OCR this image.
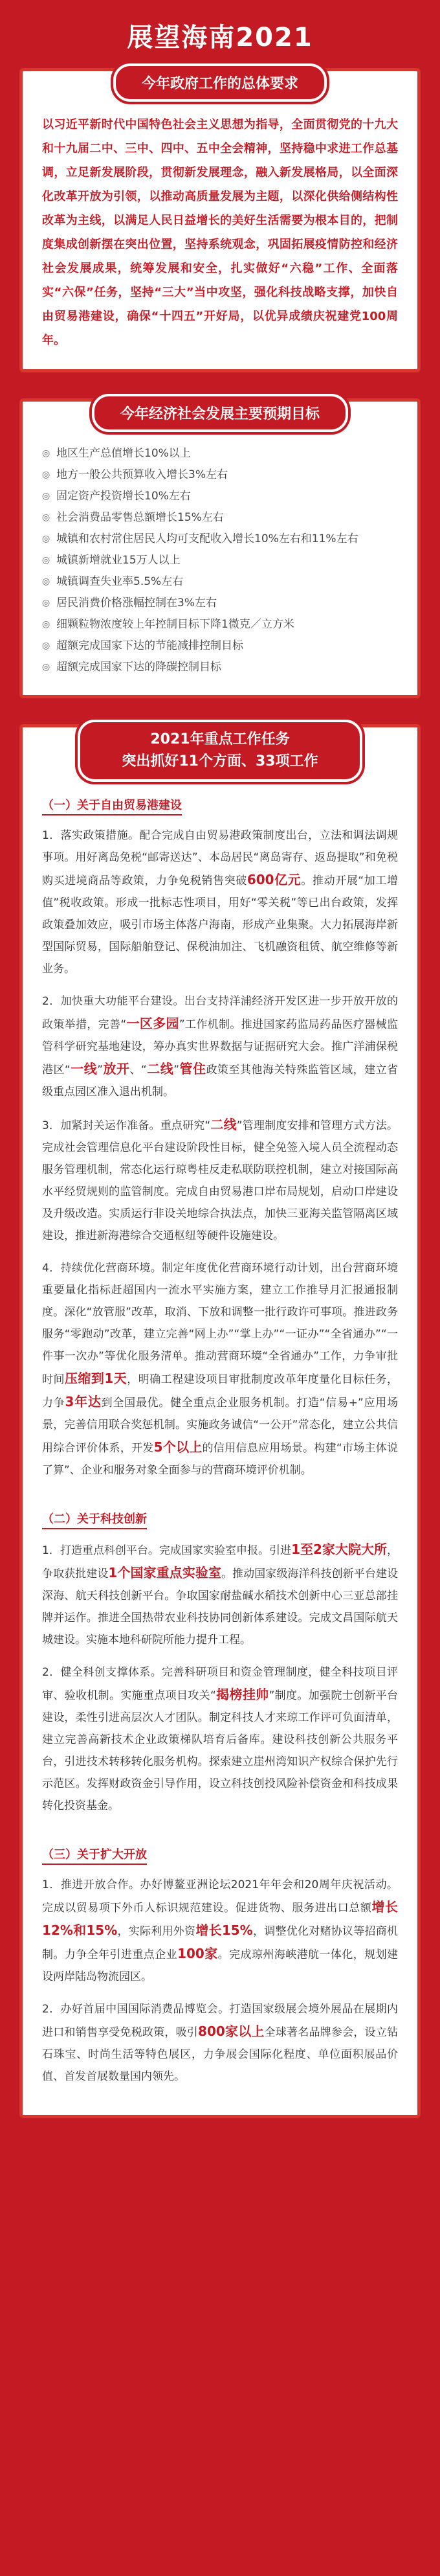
展望海南2021
今年政府工作的总体要求

以习近平新时代中国特色社会主义思想为指导，全面贯彻党的十九大和十九届二中、三中、四中、五中全会精神，坚持稳中求进工作总基调，立足新发展阶段，贯彻新发展理念，融入新发展格局，以全面深化改革开放为引领，以推动高质量发展为主题，以深化供给侧结构性改革为主线，以满足人民日益增长的美好生活需要为根本目的，把制度集成创新摆在突出位置，坚持系统观念，巩固拓展疫情防控和经济社会发展成果，统筹发展和安全，扎实做好“六稳”工作、全面落实“六保”任务，坚持“三大”当中攻坚，强化科技战略支撑，加快自由贸易港建设，确保“十四五”开好局，以优异成绩庆祝建党100周年。

今年经济社会发展主要预期目标
◎ 地区生产总值增长10%以上
◎ 地方一般公共预算收入增长3%左右
◎ 固定资产投资增长10%左右
◎ 社会消费品零售总额增长15%左右
◎ 城镇和农村常住居民人均可支配收入增长10%左右和11%左右
◎ 城镇新增就业15万人以上
◎ 城镇调查失业率5.5%左右
◎ 居民消费价格涨幅控制在3%左右
◎ 细颗粒物浓度较上年控制目标下降1微克／立方米
◎ 超额完成国家下达的节能减排控制目标
◎ 超额完成国家下达的降碳控制目标
2021年重点工作任务
突出抓好11个方面、33项工作
（一）关于自由贸易港建设

1．落实政策措施。配合完成自由贸易港政策制度出台，立法和调法调规事项。用好离岛免税“邮寄送达”、本岛居民“离岛寄存、返岛提取”和免税购买进境商品等政策，力争免税销售突破600亿元。推动开展“加工增值”税收政策。形成一批标志性项目，用好“零关税”等已出台政策，发挥政策叠加效应，吸引市场主体落户海南，形成产业集聚。大力拓展海岸新型国际贸易，国际船舶登记、保税油加注、飞机融资租赁、航空维修等新业务。

2．加快重大功能平台建设。出台支持洋浦经济开发区进一步开放开放的政策举措，完善“一区多园”工作机制。推进国家药监局药品医疗器械监管科学研究基地建设，筹办真实世界数据与证据研究大会。推广洋浦保税港区“一线”放开、“二线”管住政策至其他海关特殊监管区域，建立省级重点园区准入退出机制。

3．加紧封关运作准备。重点研究“二线”管理制度安排和管理方式方法。完成社会管理信息化平台建设阶段性目标，健全免签入境人员全流程动态服务管理机制，常态化运行琼粤桂反走私联防联控机制，建立对接国际高水平经贸规则的监管制度。完成自由贸易港口岸布局规划，启动口岸建设及升级改造。实质运行非设关地综合执法点，加快三亚海关监管隔离区域建设，推进新海港综合交通枢纽等硬件设施建设。

4．持续优化营商环境。制定年度优化营商环境行动计划，出台营商环境重要量化指标赶超国内一流水平实施方案，建立工作推导月汇报通报制度。深化“放管服”改革，取消、下放和调整一批行政许可事项。推进政务服务“零跑动”改革，建立完善“网上办”“掌上办”“一证办”“全省通办”“一件事一次办”等优化服务清单。推动营商环境“全省通办”工作，力争审批时间压缩到1天，明确工程建设项目审批制度改革年度量化目标任务，力争3年达到全国最优。健全重点企业服务机制。打造“信易+”应用场景，完善信用联合奖惩机制。实施政务诚信“一公开”常态化，建立公共信用综合评价体系，开发5个以上的信用信息应用场景。构建“市场主体说了算”、企业和服务对象全面参与的营商环境评价机制。

（二）关于科技创新

1．打造重点科创平台。完成国家实验室申报。引进1至2家大院大所，争取获批建设1个国家重点实验室。推动国家级海洋科技创新平台建设深海、航天科技创新平台。争取国家耐盐碱水稻技术创新中心三亚总部挂牌并运作。推进全国热带农业科技协同创新体系建设。完成文昌国际航天城建设。实施本地科研院所能力提升工程。

2．健全科创支撑体系。完善科研项目和资金管理制度，健全科技项目评审、验收机制。实施重点项目攻关“揭榜挂帅”制度。加强院士创新平台建设，柔性引进高层次人才团队。制定科技人才来琼工作评可负面清单，建立完善高新技术企业政策梯队培育后备库。建设科技创新公共服务平台，引进技术转移转化服务机构。探索建立崖州湾知识产权综合保护先行示范区。发挥财政资金引导作用，设立科技创投风险补偿资金和科技成果转化投资基金。

（三）关于扩大开放

1．推进开放合作。办好博鳌亚洲论坛2021年年会和20周年庆祝活动。完成以贸易项下外币人标识规范建设。促进货物、服务进出口总额增长12%和15%，实际利用外资增长15%，调整优化对赌协议等招商机制。力争全年引进重点企业100家。完成琼州海峡港航一体化，规划建设两岸陆岛物流园区。

2．办好首届中国国际消费品博览会。打造国家级展会境外展品在展期内进口和销售享受免税政策，吸引800家以上全球著名品牌参会，设立钻石珠宝、时尚生活等特色展区，力争展会国际化程度、单位面积展品价值、首发首展数量国内领先。
